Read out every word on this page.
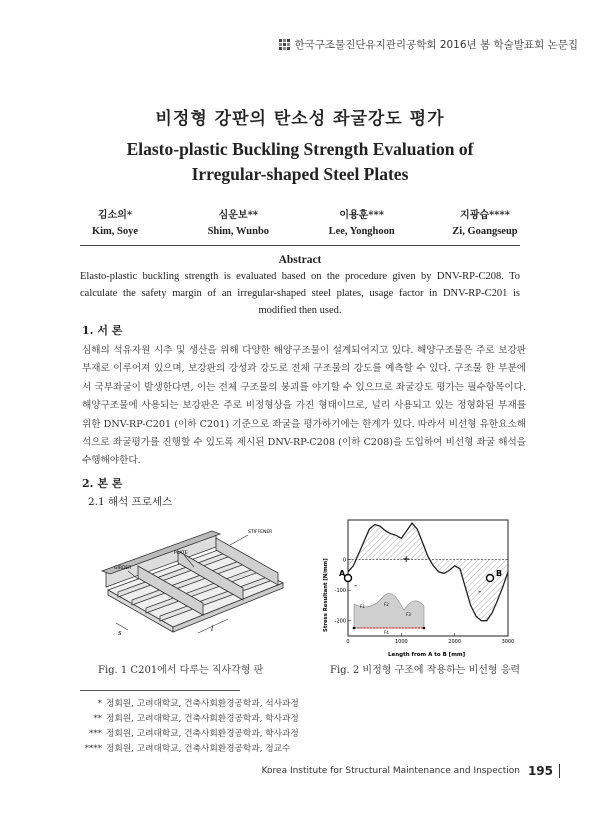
한국구조물진단유지관리공학회 2016년 봄 학술발표회 논문집
비정형 강판의 탄소성 좌굴강도 평가
Elasto-plastic Buckling Strength Evaluation of
Irregular-shaped Steel Plates
김소의*
Kim, Soye
심운보**
Shim, Wunbo
이용훈***
Lee, Yonghoon
지광습****
Zi, Goangseup
Abstract
Elasto-plastic buckling strength is evaluated based on the procedure given by DNV-RP-C208. To calculate the safety margin of an irregular-shaped steel plates, usage factor in DNV-RP-C201 is modified then used.
1. 서 론
심해의 석유자원 시추 및 생산을 위해 다양한 해양구조물이 설계되어지고 있다. 해양구조물은 주로 보강판 부재로 이루어져 있으며, 보강판의 강성과 강도로 전체 구조물의 강도를 예측할 수 있다. 구조물 한 부분에서 국부좌굴이 발생한다면, 이는 전체 구조물의 붕괴를 야기할 수 있으므로 좌굴강도 평가는 필수항목이다. 해양구조물에 사용되는 보강판은 주로 비정형상을 가진 형태이므로, 널리 사용되고 있는 정형화된 부재를 위한 DNV-RP-C201 (이하 C201) 기준으로 좌굴을 평가하기에는 한계가 있다. 따라서 비선형 유한요소해석으로 좌굴평가를 진행할 수 있도록 제시된 DNV-RP-C208 (이하 C208)을 도입하여 비선형 좌굴 해석을 수행해야한다.
2. 본 론
2.1 해석 프로세스
STIFFENER
PLATE
GIRDER
s	l
0
-100
-200
0	1000	2000	3000
Stress Resultant [N/mm]
Length from A to B [mm]
A	B
+
-
-
F1	F2
F3
F4
Fig. 1 C201에서 다루는 직사각형 판	Fig. 2 비정형 구조에 작용하는 비선형 응력
* 정회원, 고려대학교, 건축사회환경공학과, 석사과정
** 정회원, 고려대학교, 건축사회환경공학과, 학사과정
*** 정회원, 고려대학교, 건축사회환경공학과, 학사과정
**** 정회원, 고려대학교, 건축사회환경공학과, 정교수
Korea Institute for Structural Maintenance and Inspection 195
